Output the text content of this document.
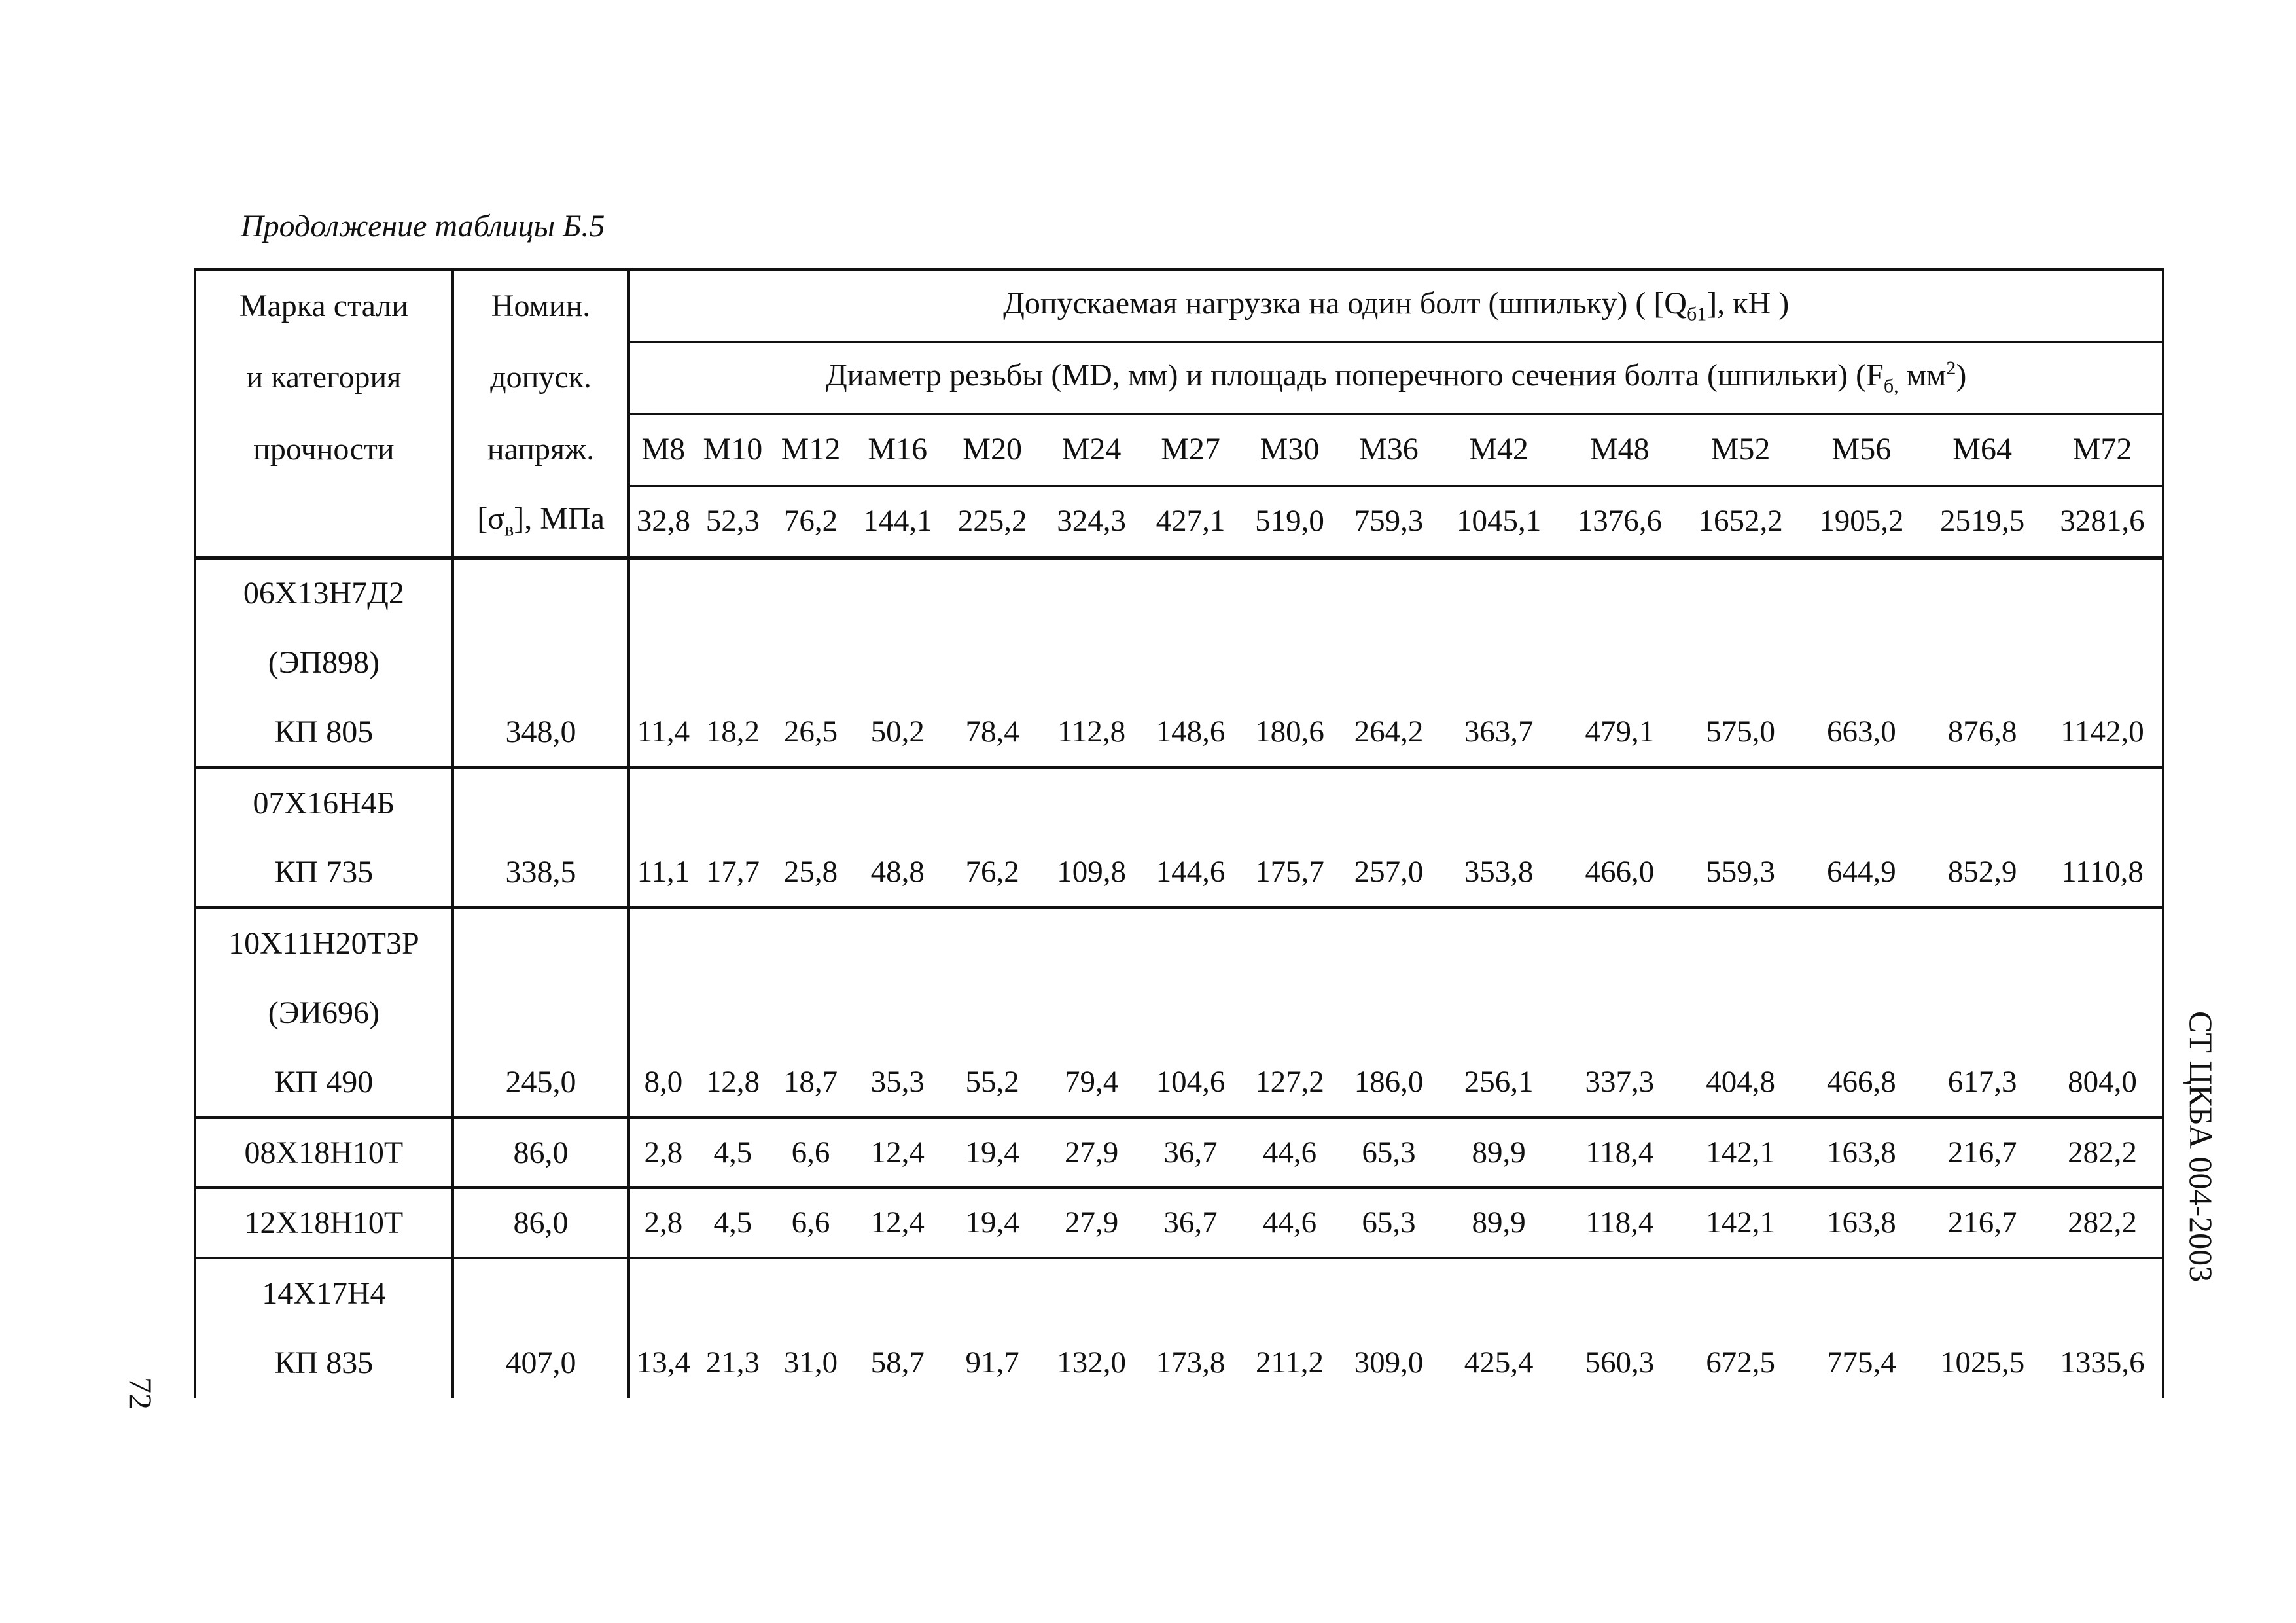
Продолжение таблицы Б.5
Марка стали	Номин.	Допускаемая нагрузка на один болт (шпильку) ( $[Q_{б1}]$, кН )														
и категория	допуск.	Диаметр резьбы (MD, мм) и площадь поперечного сечения болта (шпильки) ($F_{б,}$ $мм^2$)														
прочности	напряж.	М8	М10	М12	М16	М20	М24	М27	М30	М36	М42	М48	М52	М56	М64	М72
	$[\sigma_в]$, МПа	32,8	52,3	76,2	144,1	225,2	324,3	427,1	519,0	759,3	1045,1	1376,6	1652,2	1905,2	2519,5	3281,6
06Х13Н7Д2																
(ЭП898)																
КП 805	348,0	11,4	18,2	26,5	50,2	78,4	112,8	148,6	180,6	264,2	363,7	479,1	575,0	663,0	876,8	1142,0
07Х16Н4Б																
КП 735	338,5	11,1	17,7	25,8	48,8	76,2	109,8	144,6	175,7	257,0	353,8	466,0	559,3	644,9	852,9	1110,8
10Х11Н20Т3Р																
(ЭИ696)																
КП 490	245,0	8,0	12,8	18,7	35,3	55,2	79,4	104,6	127,2	186,0	256,1	337,3	404,8	466,8	617,3	804,0
08Х18Н10Т	86,0	2,8	4,5	6,6	12,4	19,4	27,9	36,7	44,6	65,3	89,9	118,4	142,1	163,8	216,7	282,2
12Х18Н10Т	86,0	2,8	4,5	6,6	12,4	19,4	27,9	36,7	44,6	65,3	89,9	118,4	142,1	163,8	216,7	282,2
14Х17Н4																
КП 835	407,0	13,4	21,3	31,0	58,7	91,7	132,0	173,8	211,2	309,0	425,4	560,3	672,5	775,4	1025,5	1335,6
72
СТ ЦКБА 004-2003
